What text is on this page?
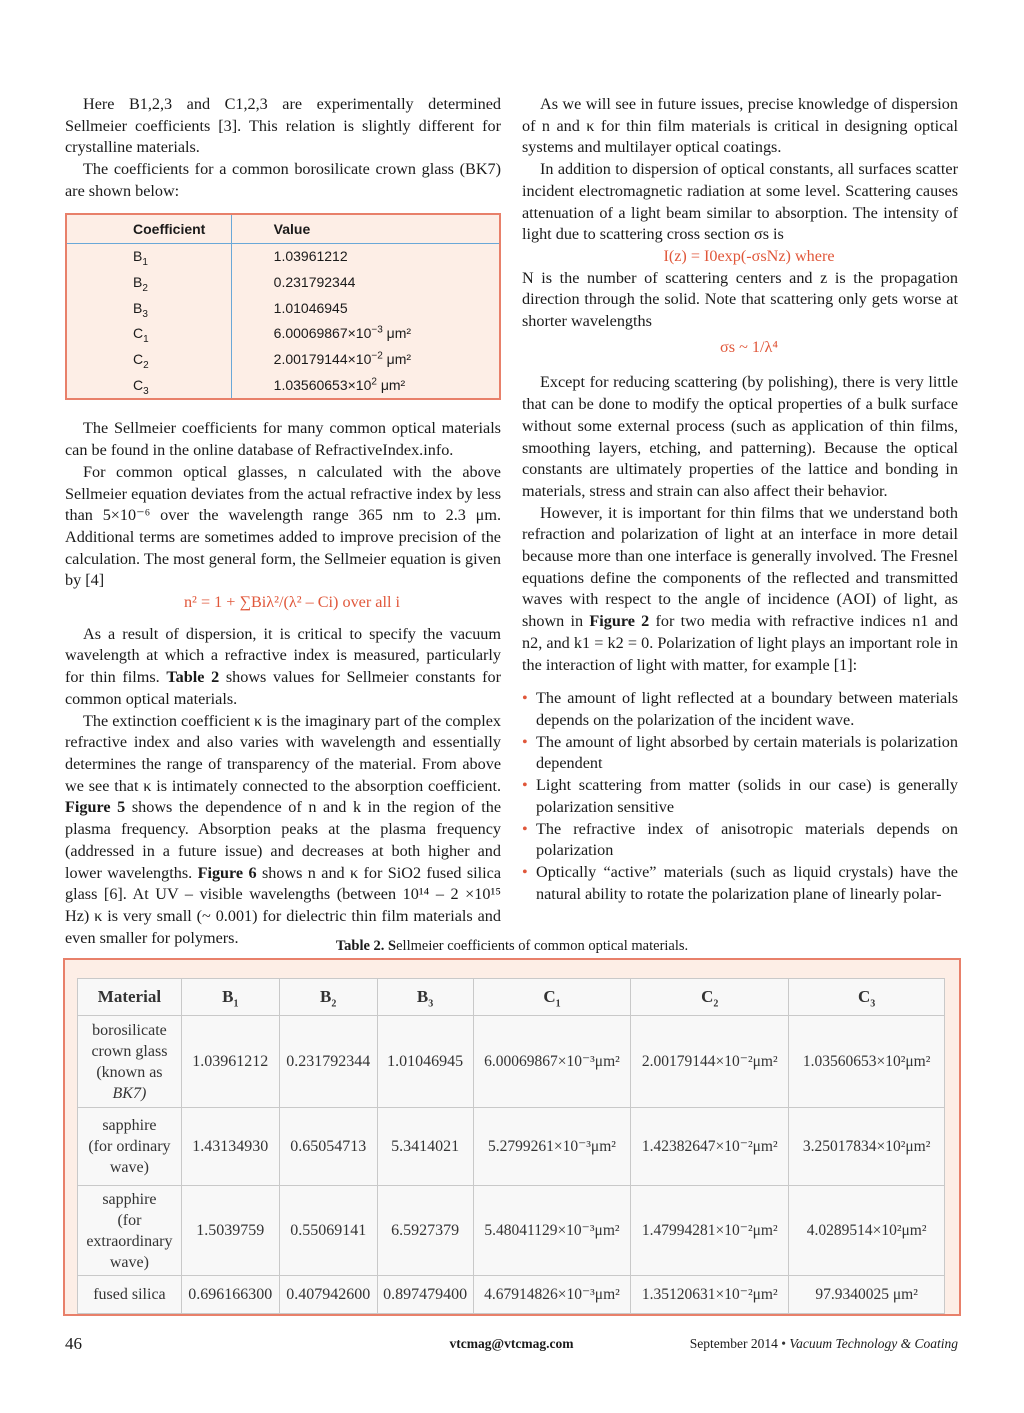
Here B1,2,3 and C1,2,3 are experimentally determined Sellmeier coefficients [3]. This relation is slightly different for crystalline materials.

The coefficients for a common borosilicate crown glass (BK7) are shown below:

Coefficient	Value
$B_1$	1.03961212
$B_2$	0.231792344
$B_3$	1.01046945
$C_1$	$6.00069867\times 10^{-3}$ μm²
$C_2$	$2.00179144\times 10^{-2}$ μm²
$C_3$	$1.03560653\times 10^2$ μm²

The Sellmeier coefficients for many common optical materials can be found in the online database of RefractiveIndex.info.

For common optical glasses, n calculated with the above Sellmeier equation deviates from the actual refractive index by less than 5×10⁻⁶ over the wavelength range 365 nm to 2.3 μm. Additional terms are sometimes added to improve precision of the calculation. The most general form, the Sellmeier equation is given by [4]

n² = 1 + ∑Biλ²/(λ² – Ci) over all i

As a result of dispersion, it is critical to specify the vacuum wavelength at which a refractive index is measured, particularly for thin films. Table 2 shows values for Sellmeier constants for common optical materials.

The extinction coefficient κ is the imaginary part of the complex refractive index and also varies with wavelength and essentially determines the range of transparency of the material. From above we see that κ is intimately connected to the absorption coefficient. Figure 5 shows the dependence of n and k in the region of the plasma frequency. Absorption peaks at the plasma frequency (addressed in a future issue) and decreases at both higher and lower wavelengths. Figure 6 shows n and κ for SiO2 fused silica glass [6]. At UV – visible wavelengths (between 10¹⁴ – 2 ×10¹⁵ Hz) κ is very small (~ 0.001) for dielectric thin film materials and even smaller for polymers.

As we will see in future issues, precise knowledge of dispersion of n and κ for thin film materials is critical in designing optical systems and multilayer optical coatings.

In addition to dispersion of optical constants, all surfaces scatter incident electromagnetic radiation at some level. Scattering causes attenuation of a light beam similar to absorption. The intensity of light due to scattering cross section σs is

I(z) = I0exp(-σsNz) where

N is the number of scattering centers and z is the propagation direction through the solid. Note that scattering only gets worse at shorter wavelengths

σs ~ 1/λ⁴

Except for reducing scattering (by polishing), there is very little that can be done to modify the optical properties of a bulk surface without some external process (such as application of thin films, smoothing layers, etching, and patterning). Because the optical constants are ultimately properties of the lattice and bonding in materials, stress and strain can also affect their behavior.

However, it is important for thin films that we understand both refraction and polarization of light at an interface in more detail because more than one interface is generally involved. The Fresnel equations define the components of the reflected and transmitted waves with respect to the angle of incidence (AOI) of light, as shown in Figure 2 for two media with refractive indices n1 and n2, and k1 = k2 = 0. Polarization of light plays an important role in the interaction of light with matter, for example [1]:

• The amount of light reflected at a boundary between materials depends on the polarization of the incident wave.
• The amount of light absorbed by certain materials is polarization dependent
• Light scattering from matter (solids in our case) is generally polarization sensitive
• The refractive index of anisotropic materials depends on polarization
• Optically “active” materials (such as liquid crystals) have the natural ability to rotate the polarization plane of linearly polar-
Table 2. Sellmeier coefficients of common optical materials.
Material	$B_1$	$B_2$	$B_3$	$C_1$	$C_2$	$C_3$

borosilicate
crown glass
(known as
BK7)	1.03961212	0.231792344	1.01046945	6.00069867×10⁻³μm²	2.00179144×10⁻²μm²	1.03560653×10²μm²

sapphire
(for ordinary
wave)	1.43134930	0.65054713	5.3414021	5.2799261×10⁻³μm²	1.42382647×10⁻²μm²	3.25017834×10²μm²

sapphire
(for
extraordinary
wave)	1.5039759	0.55069141	6.5927379	5.48041129×10⁻³μm²	1.47994281×10⁻²μm²	4.0289514×10²μm²

fused silica	0.696166300	0.407942600	0.897479400	4.67914826×10⁻³μm²	1.35120631×10⁻²μm²	97.9340025 μm²
46	vtcmag@vtcmag.com	September 2014 • Vacuum Technology & Coating
